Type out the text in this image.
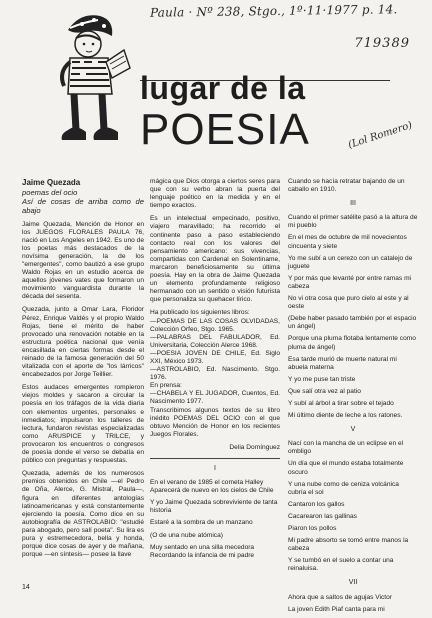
Paula · Nº 238, Stgo., 1º·11·1977 p. 14.
719389
(Lol Romero)
lugar de la
POESIA
Jaime Quezada
poemas del ocio
Así de cosas de arriba como de abajo

Jaime Quezada, Mención de Honor en los JUEGOS FLORALES PAULA 76, nació en Los Angeles en 1942. Es uno de los poetas más destacados de la novísima generación, la de los "emergentes", como bautizó a ese grupo Waldo Rojas en un estudio acerca de aquellos jóvenes vates que formaron un movimiento vanguardista durante la década del sesenta.

Quezada, junto a Omar Lara, Floridor Pérez, Enrique Valdés y el propio Waldo Rojas, tiene el mérito de haber provocado una renovación notable en la estructura poética nacional que venía encasillada en ciertas formas desde el reinado de la famosa generación del 50 vitalizada con el aporte de "los lárricos" encabezados por Jorge Teillier.

Estos audaces emergentes rompieron viejos moldes y sacaron a circular la poesía en los tráfagos de la vida diaria con elementos urgentes, personales e inmediatos; impulsaron los talleres de lectura, fundaron revistas especializadas como ARUSPICE y TRILCE, y provocaron los encuentros o congresos de poesía donde el verso se debatía en público con preguntas y respuestas.

Quezada, además de los numerosos premios obtenidos en Chile —el Pedro de Oña, Alerce, G. Mistral, Paula—, figura en diferentes antologías latinoamericanas y está constantemente ejerciendo la poesía. Como dice en su autobiografía de ASTROLABIO: "estudié para abogado, pero salí poeta". Su lira es pura y estremecedora, bella y honda, porque dice cosas de ayer y de mañana, porque —en síntesis— posee la llave

mágica que Dios otorga a ciertos seres para que con su verbo abran la puerta del lenguaje poético en la medida y en el tiempo exactos.

Es un intelectual empecinado, positivo, viajero maravillado; ha recorrido el continente paso a paso estableciendo contacto real con los valores del pensamiento americano: sus vivencias, compartidas con Cardenal en Solentiname, marcaron beneficiosamente su última poesía. Hay en la obra de Jaime Quezada un elemento profundamente religioso hermanado con un sentido o visión futurista que personaliza su quehacer lírico.

Ha publicado los siguientes libros:
—POEMAS DE LAS COSAS OLVIDADAS, Colección Orfeo, Stgo. 1965.
—PALABRAS DEL FABULADOR, Ed. Universitaria, Colección Alerce 1968.
—POESIA JOVEN DE CHILE, Ed. Siglo XXI, México 1973.
—ASTROLABIO, Ed. Nascimento. Stgo. 1976.
En prensa:
—CHABELA Y EL JUGADOR, Cuentos, Ed. Nascimento 1977.
Transcribimos algunos textos de su libro inédito POEMAS DEL OCIO con el que obtuvo Mención de Honor en los recientes Juegos Florales.

Delia Domínguez
I

En el verano de 1985 el cometa Halley Aparecerá de nuevo en los cielos de Chile

Y yo Jaime Quezada sobreviviente de tanta historia

Estaré a la sombra de un manzano

(O de una nube atómica)

Muy sentado en una silla mecedora Recordando la infancia de mi padre

Cuando se hacía retratar bajando de un caballo en 1910.

III

Cuando el primer satélite pasó a la altura de mi pueblo

En el mes de octubre de mil novecientos cincuenta y siete

Yo me subí a un cerezo con un catalejo de juguete

Y por más que levanté por entre ramas mi cabeza

No vi otra cosa que puro cielo al este y al oeste

(Debe haber pasado también por el espacio un ángel)

Porque una pluma flotaba lentamente como pluma de ángel)

Esa tarde murió de muerte natural mi abuela materna

Y yo me puse tan triste

Que salí otra vez al patio

Y subí al árbol a tirar sobre el tejado

Mi último diente de leche a los ratones.

V

Nací con la mancha de un eclipse en el ombligo

Un día que el mundo estaba totalmente oscuro

Y una nube como de ceniza volcánica cubría el sol

Cantaron los gallos

Cacarearon las gallinas

Piaron los pollos

Mi padre absorto se tomó entre manos la cabeza

Y se tumbó en el suelo a contar una reinaluisa.

VII

Ahora que a saltos de agujas Victor

La joven Edith Piaf canta para mi

14
